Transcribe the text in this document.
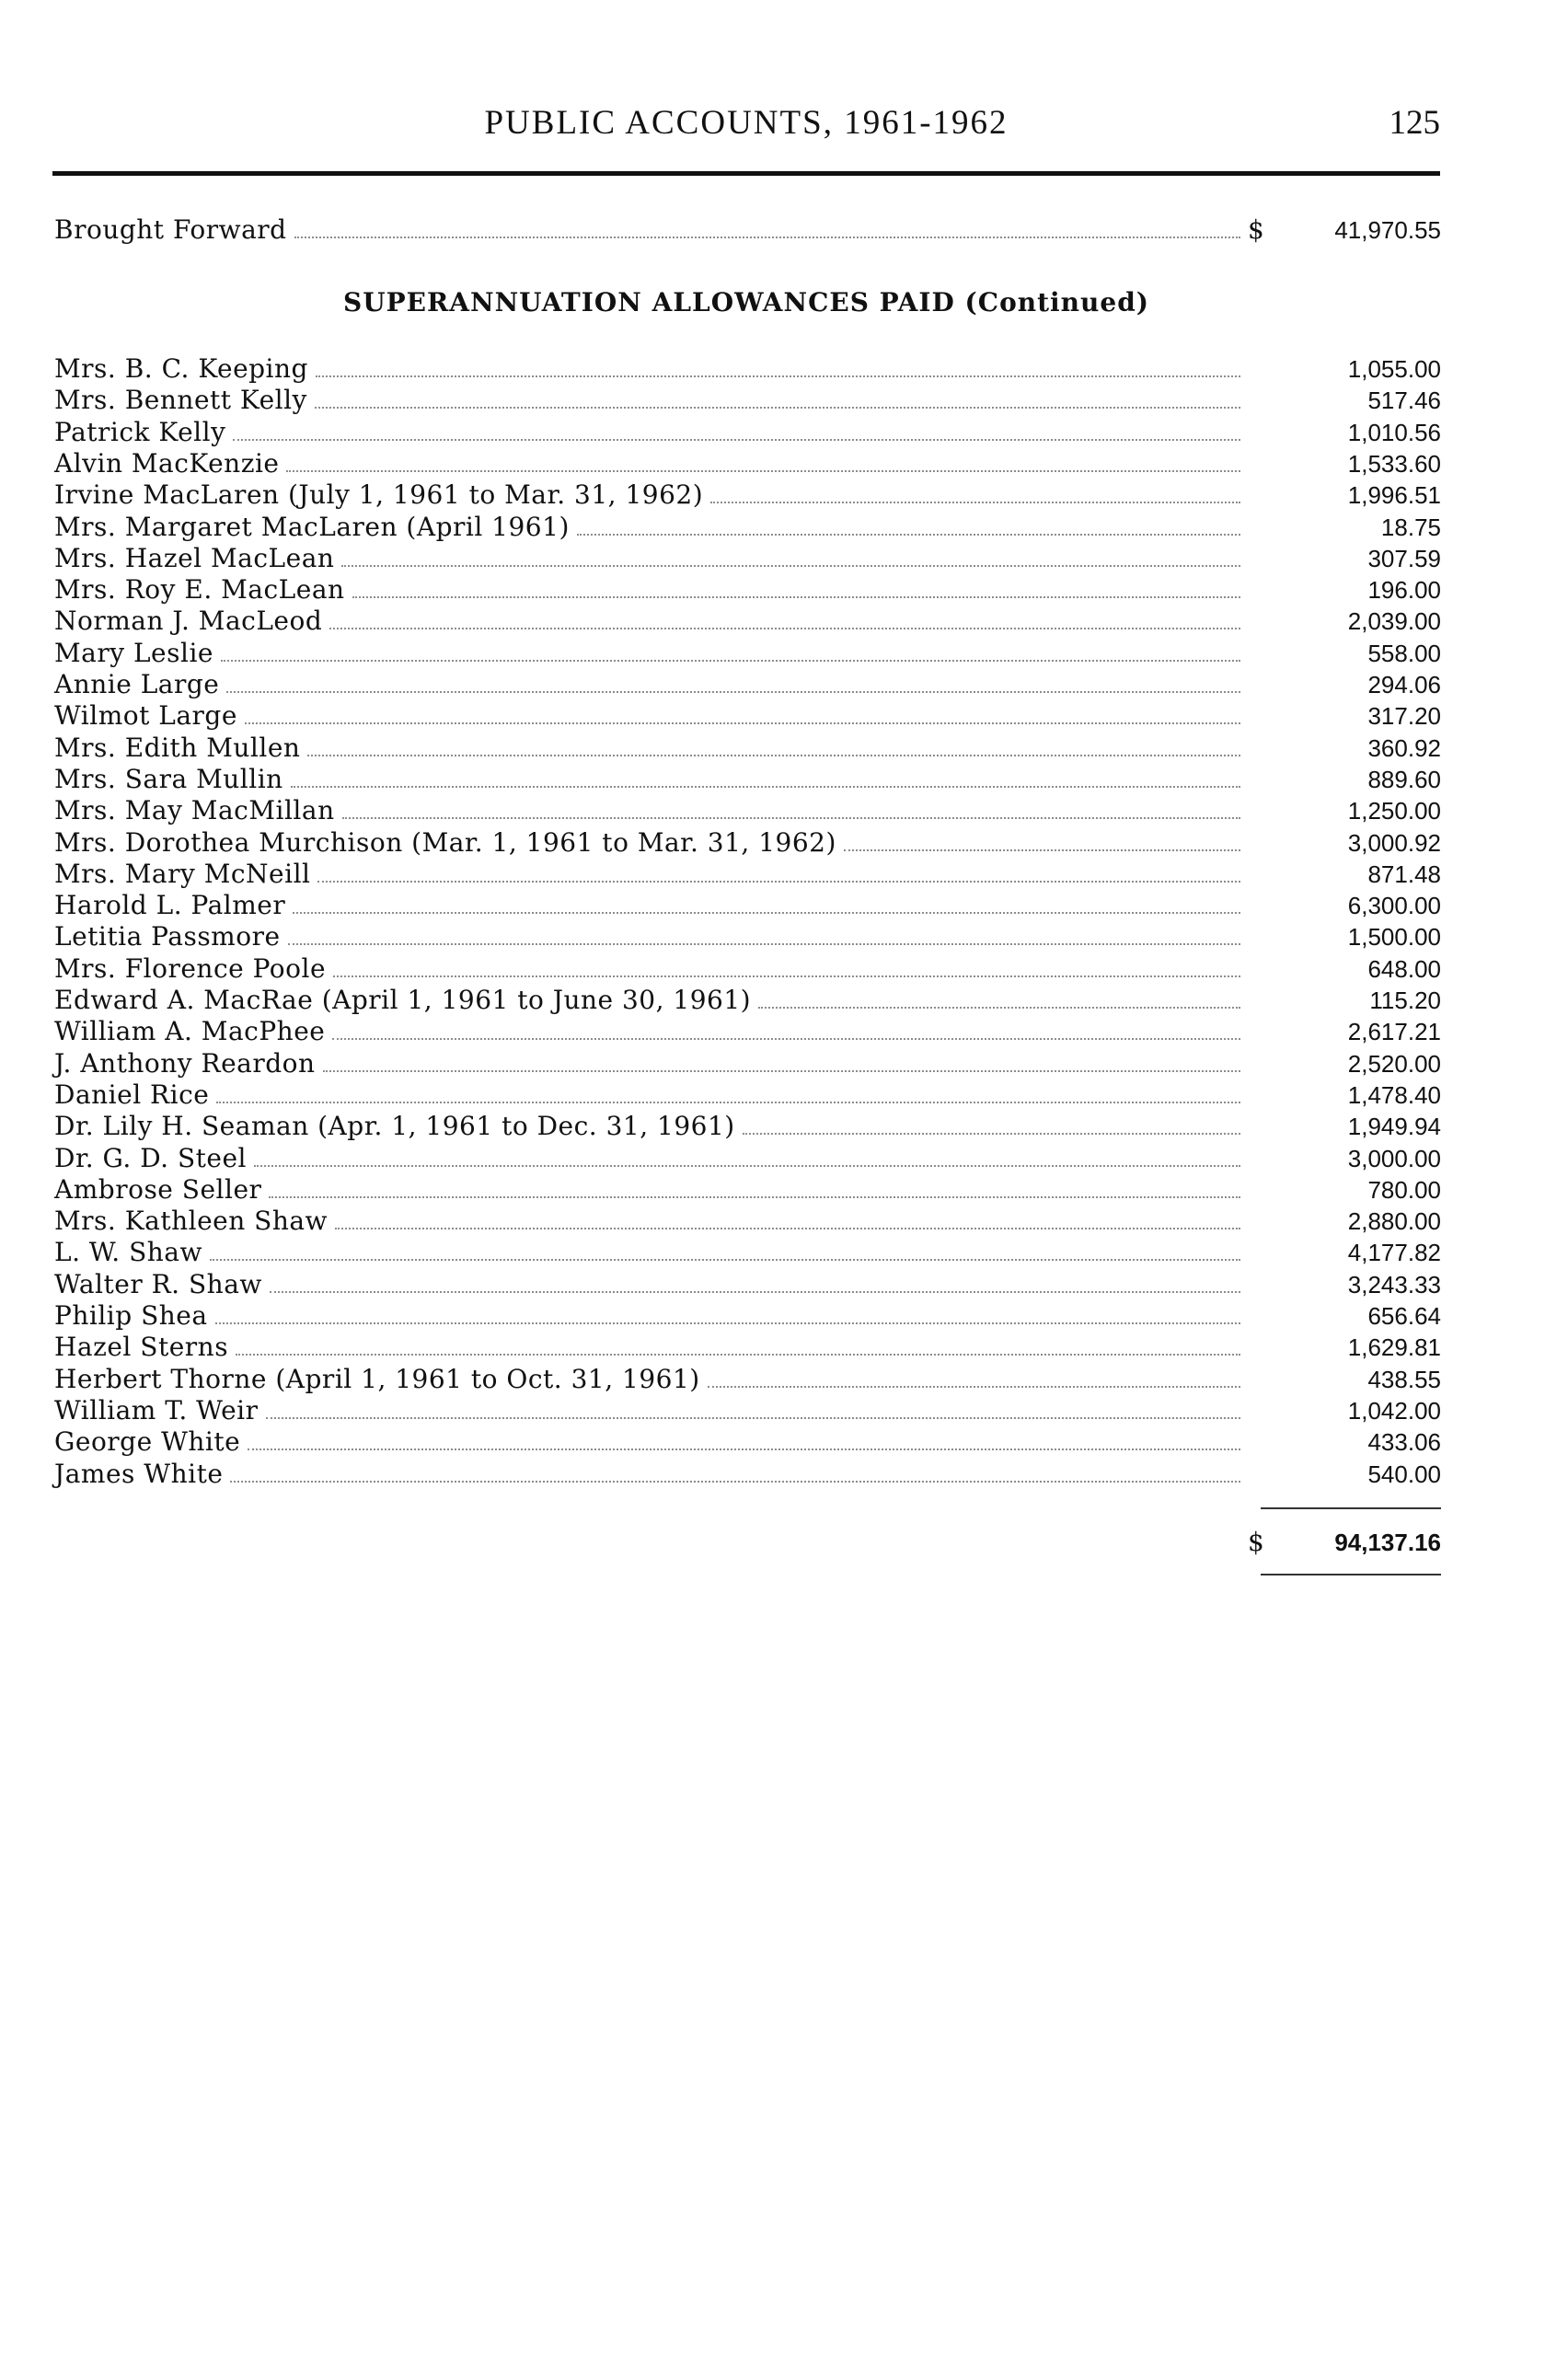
PUBLIC ACCOUNTS, 1961-1962	125
Brought Forward	$	41,970.55
SUPERANNUATION ALLOWANCES PAID (Continued)
Mrs. B. C. Keeping	1,055.00
Mrs. Bennett Kelly	517.46
Patrick Kelly	1,010.56
Alvin MacKenzie	1,533.60
Irvine MacLaren (July 1, 1961 to Mar. 31, 1962)	1,996.51
Mrs. Margaret MacLaren (April 1961)	18.75
Mrs. Hazel MacLean	307.59
Mrs. Roy E. MacLean	196.00
Norman J. MacLeod	2,039.00
Mary Leslie	558.00
Annie Large	294.06
Wilmot Large	317.20
Mrs. Edith Mullen	360.92
Mrs. Sara Mullin	889.60
Mrs. May MacMillan	1,250.00
Mrs. Dorothea Murchison (Mar. 1, 1961 to Mar. 31, 1962)	3,000.92
Mrs. Mary McNeill	871.48
Harold L. Palmer	6,300.00
Letitia Passmore	1,500.00
Mrs. Florence Poole	648.00
Edward A. MacRae (April 1, 1961 to June 30, 1961)	115.20
William A. MacPhee	2,617.21
J. Anthony Reardon	2,520.00
Daniel Rice	1,478.40
Dr. Lily H. Seaman (Apr. 1, 1961 to Dec. 31, 1961)	1,949.94
Dr. G. D. Steel	3,000.00
Ambrose Seller	780.00
Mrs. Kathleen Shaw	2,880.00
L. W. Shaw	4,177.82
Walter R. Shaw	3,243.33
Philip Shea	656.64
Hazel Sterns	1,629.81
Herbert Thorne (April 1, 1961 to Oct. 31, 1961)	438.55
William T. Weir	1,042.00
George White	433.06
James White	540.00
$	94,137.16
